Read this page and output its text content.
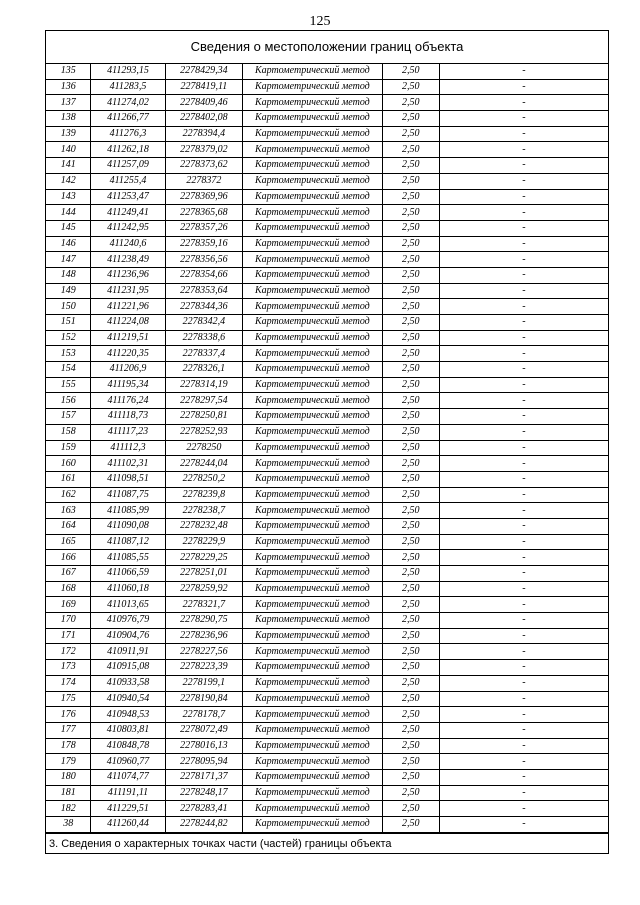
125
Сведения о местоположении границ объекта
135	411293,15	2278429,34	Картометрический метод	2,50	-
136	411283,5	2278419,11	Картометрический метод	2,50	-
137	411274,02	2278409,46	Картометрический метод	2,50	-
138	411266,77	2278402,08	Картометрический метод	2,50	-
139	411276,3	2278394,4	Картометрический метод	2,50	-
140	411262,18	2278379,02	Картометрический метод	2,50	-
141	411257,09	2278373,62	Картометрический метод	2,50	-
142	411255,4	2278372	Картометрический метод	2,50	-
143	411253,47	2278369,96	Картометрический метод	2,50	-
144	411249,41	2278365,68	Картометрический метод	2,50	-
145	411242,95	2278357,26	Картометрический метод	2,50	-
146	411240,6	2278359,16	Картометрический метод	2,50	-
147	411238,49	2278356,56	Картометрический метод	2,50	-
148	411236,96	2278354,66	Картометрический метод	2,50	-
149	411231,95	2278353,64	Картометрический метод	2,50	-
150	411221,96	2278344,36	Картометрический метод	2,50	-
151	411224,08	2278342,4	Картометрический метод	2,50	-
152	411219,51	2278338,6	Картометрический метод	2,50	-
153	411220,35	2278337,4	Картометрический метод	2,50	-
154	411206,9	2278326,1	Картометрический метод	2,50	-
155	411195,34	2278314,19	Картометрический метод	2,50	-
156	411176,24	2278297,54	Картометрический метод	2,50	-
157	411118,73	2278250,81	Картометрический метод	2,50	-
158	411117,23	2278252,93	Картометрический метод	2,50	-
159	411112,3	2278250	Картометрический метод	2,50	-
160	411102,31	2278244,04	Картометрический метод	2,50	-
161	411098,51	2278250,2	Картометрический метод	2,50	-
162	411087,75	2278239,8	Картометрический метод	2,50	-
163	411085,99	2278238,7	Картометрический метод	2,50	-
164	411090,08	2278232,48	Картометрический метод	2,50	-
165	411087,12	2278229,9	Картометрический метод	2,50	-
166	411085,55	2278229,25	Картометрический метод	2,50	-
167	411066,59	2278251,01	Картометрический метод	2,50	-
168	411060,18	2278259,92	Картометрический метод	2,50	-
169	411013,65	2278321,7	Картометрический метод	2,50	-
170	410976,79	2278290,75	Картометрический метод	2,50	-
171	410904,76	2278236,96	Картометрический метод	2,50	-
172	410911,91	2278227,56	Картометрический метод	2,50	-
173	410915,08	2278223,39	Картометрический метод	2,50	-
174	410933,58	2278199,1	Картометрический метод	2,50	-
175	410940,54	2278190,84	Картометрический метод	2,50	-
176	410948,53	2278178,7	Картометрический метод	2,50	-
177	410803,81	2278072,49	Картометрический метод	2,50	-
178	410848,78	2278016,13	Картометрический метод	2,50	-
179	410960,77	2278095,94	Картометрический метод	2,50	-
180	411074,77	2278171,37	Картометрический метод	2,50	-
181	411191,11	2278248,17	Картометрический метод	2,50	-
182	411229,51	2278283,41	Картометрический метод	2,50	-
38	411260,44	2278244,82	Картометрический метод	2,50	-
3. Сведения о характерных точках части (частей) границы объекта
